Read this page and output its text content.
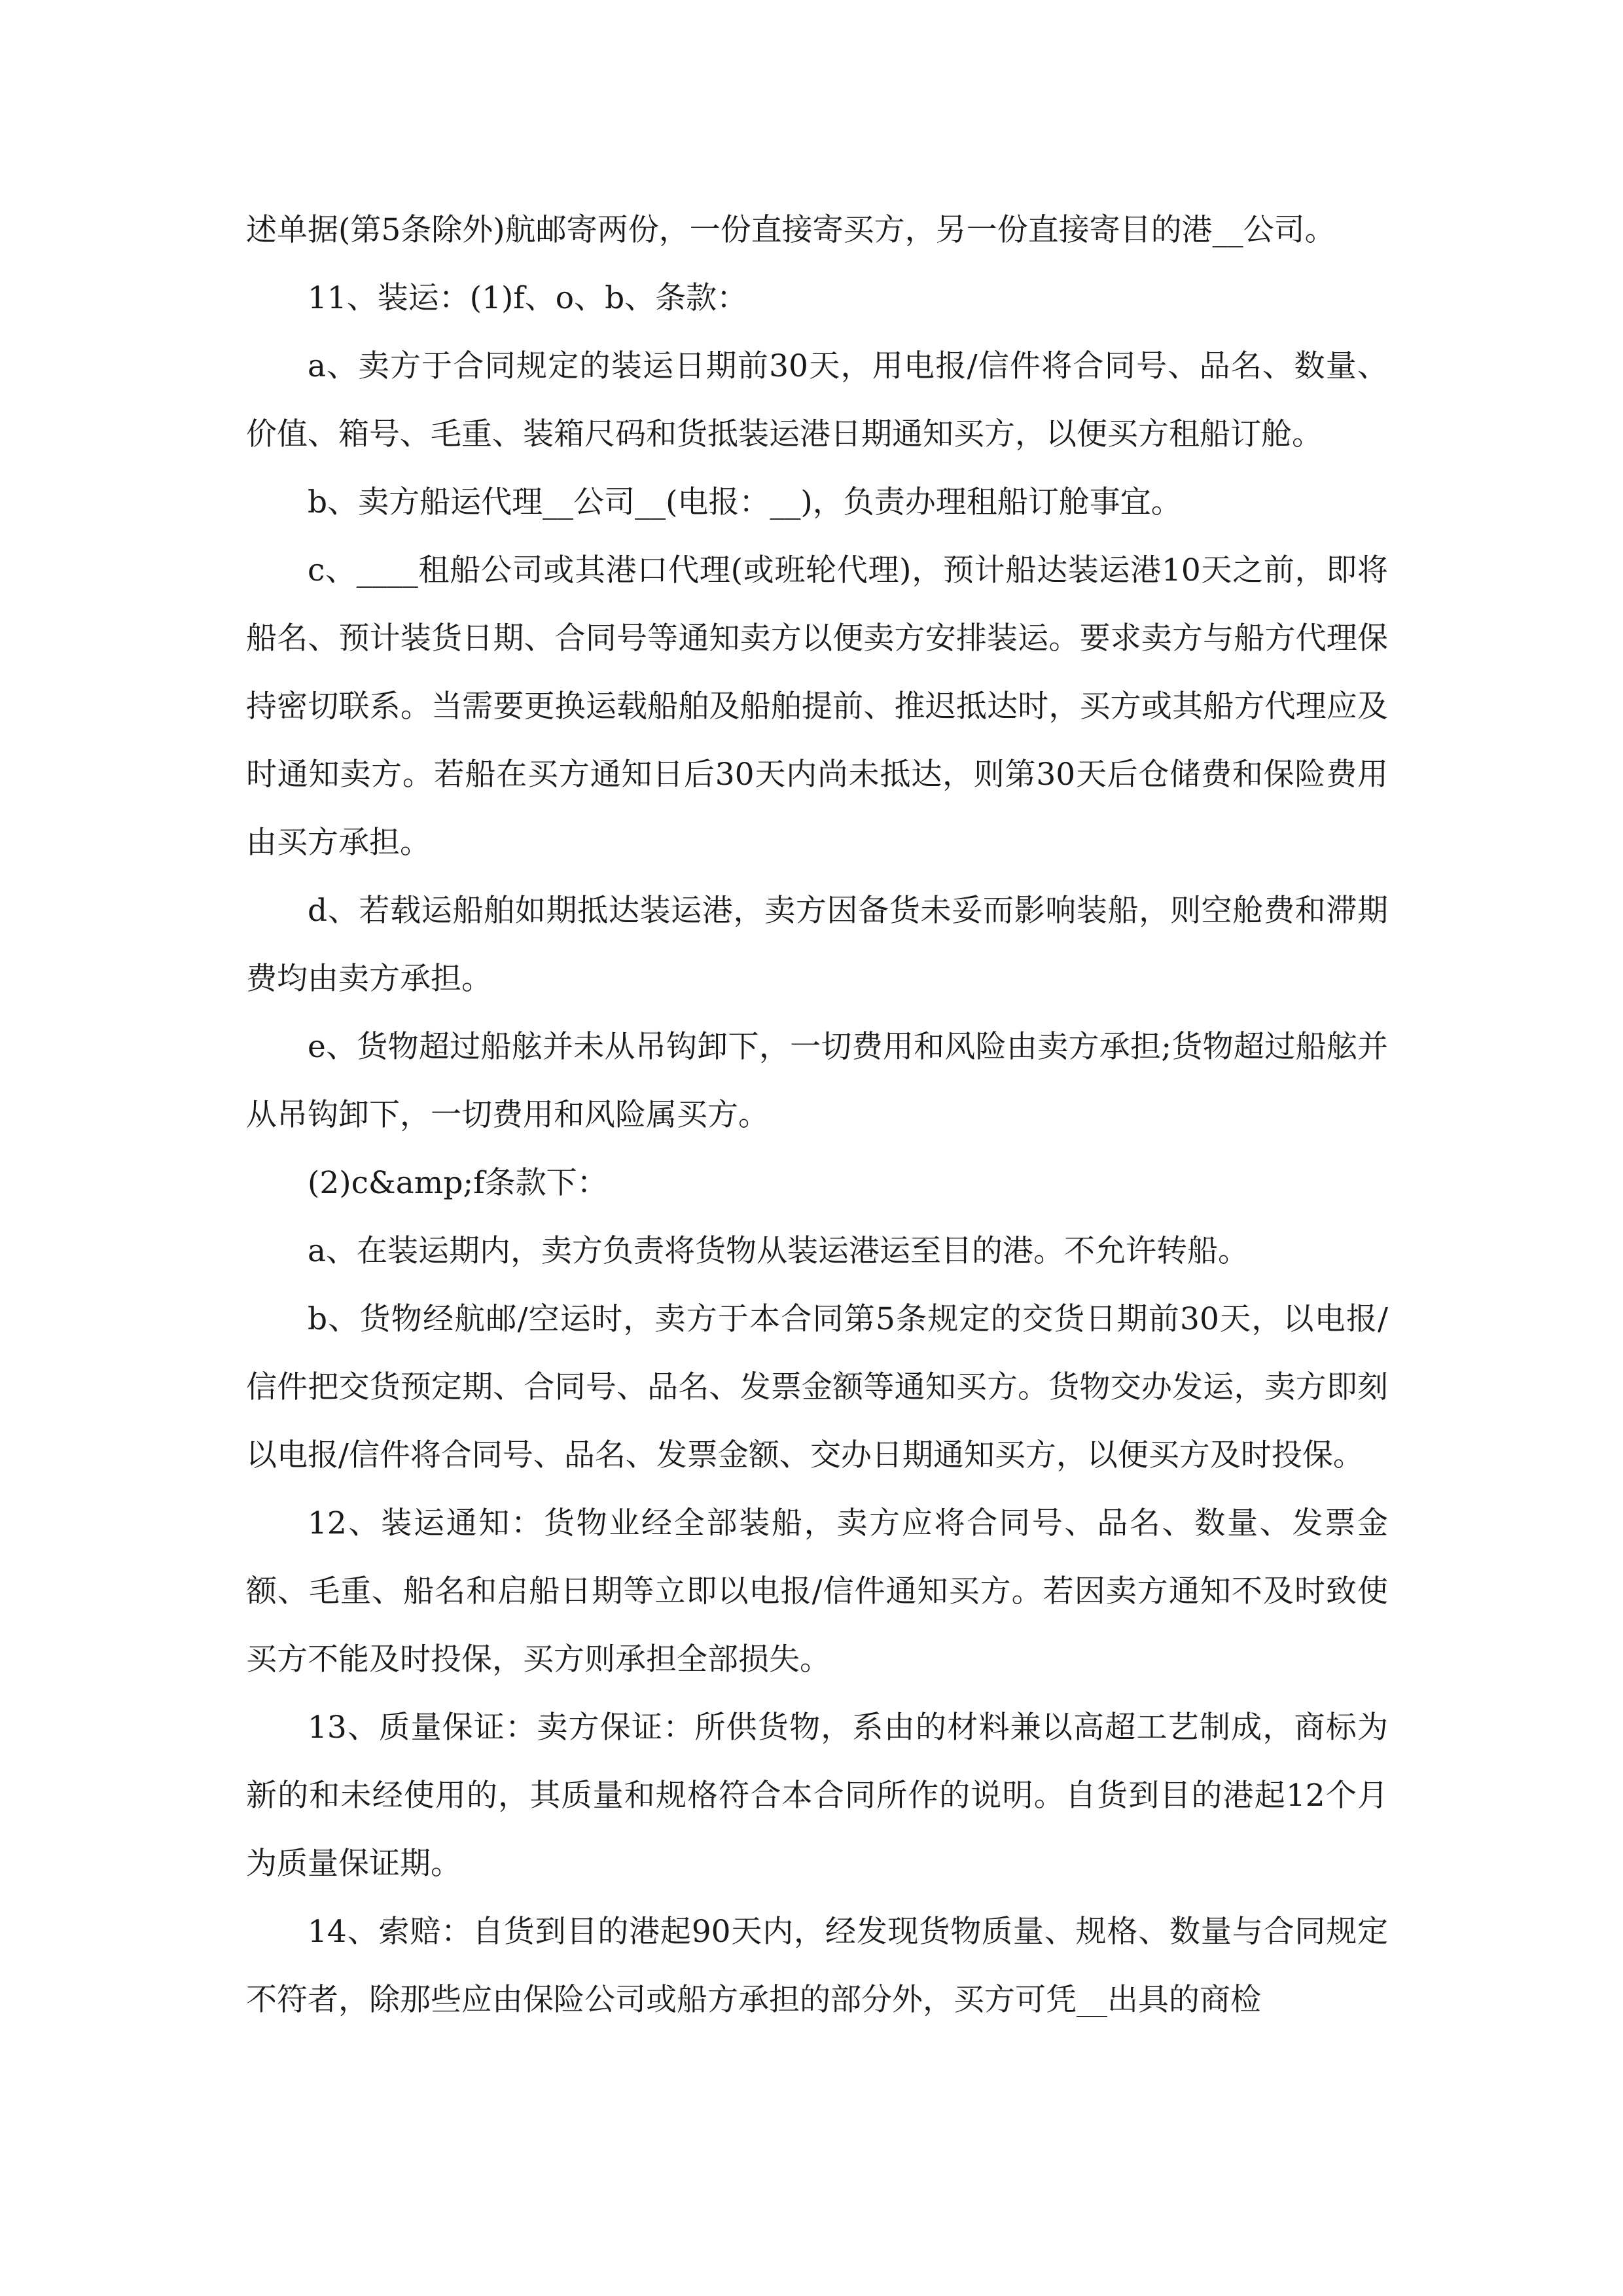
述单据(第5条除外)航邮寄两份，一份直接寄买方，另一份直接寄目的港__公司。

11、装运：(1)f、o、b、条款：

a、卖方于合同规定的装运日期前30天，用电报/信件将合同号、品名、数量、价值、箱号、毛重、装箱尺码和货抵装运港日期通知买方，以便买方租船订舱。

b、卖方船运代理__公司__(电报：__)，负责办理租船订舱事宜。

c、____租船公司或其港口代理(或班轮代理)，预计船达装运港10天之前，即将船名、预计装货日期、合同号等通知卖方以便卖方安排装运。要求卖方与船方代理保持密切联系。当需要更换运载船舶及船舶提前、推迟抵达时，买方或其船方代理应及时通知卖方。若船在买方通知日后30天内尚未抵达，则第30天后仓储费和保险费用由买方承担。

d、若载运船舶如期抵达装运港，卖方因备货未妥而影响装船，则空舱费和滞期费均由卖方承担。

e、货物超过船舷并未从吊钩卸下，一切费用和风险由卖方承担;货物超过船舷并从吊钩卸下，一切费用和风险属买方。

(2)c&amp;f条款下：

a、在装运期内，卖方负责将货物从装运港运至目的港。不允许转船。

b、货物经航邮/空运时，卖方于本合同第5条规定的交货日期前30天，以电报/信件把交货预定期、合同号、品名、发票金额等通知买方。货物交办发运，卖方即刻以电报/信件将合同号、品名、发票金额、交办日期通知买方，以便买方及时投保。

12、装运通知：货物业经全部装船，卖方应将合同号、品名、数量、发票金额、毛重、船名和启船日期等立即以电报/信件通知买方。若因卖方通知不及时致使买方不能及时投保，买方则承担全部损失。

13、质量保证：卖方保证：所供货物，系由的材料兼以高超工艺制成，商标为新的和未经使用的，其质量和规格符合本合同所作的说明。自货到目的港起12个月为质量保证期。

14、索赔：自货到目的港起90天内，经发现货物质量、规格、数量与合同规定不符者，除那些应由保险公司或船方承担的部分外，买方可凭__出具的商检
